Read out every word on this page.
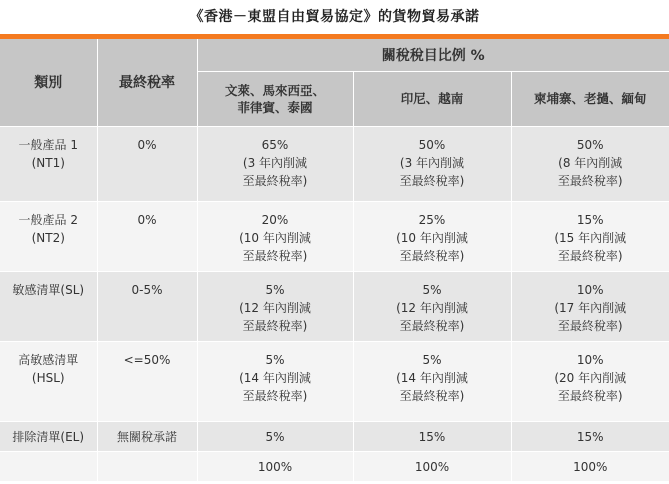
《香港－東盟自由貿易協定》的貨物貿易承諾
類別	最終稅率	關稅稅目比例 %		

		文萊、馬來西亞、
菲律賓、泰國	印尼、越南	柬埔寨、老撾、緬甸

一般產品 1
(NT1)	0%	65%
(3 年內削減
至最終稅率)	50%
(3 年內削減
至最終稅率)	50%
(8 年內削減
至最終稅率)

一般產品 2
(NT2)	0%	20%
(10 年內削減
至最終稅率)	25%
(10 年內削減
至最終稅率)	15%
(15 年內削減
至最終稅率)

敏感清單(SL)	0-5%	5%
(12 年內削減
至最終稅率)	5%
(12 年內削減
至最終稅率)	10%
(17 年內削減
至最終稅率)

高敏感清單
(HSL)	<=50%	5%
(14 年內削減
至最終稅率)	5%
(14 年內削減
至最終稅率)	10%
(20 年內削減
至最終稅率)

排除清單(EL)	無關稅承諾	5%	15%	15%
		100%	100%	100%
